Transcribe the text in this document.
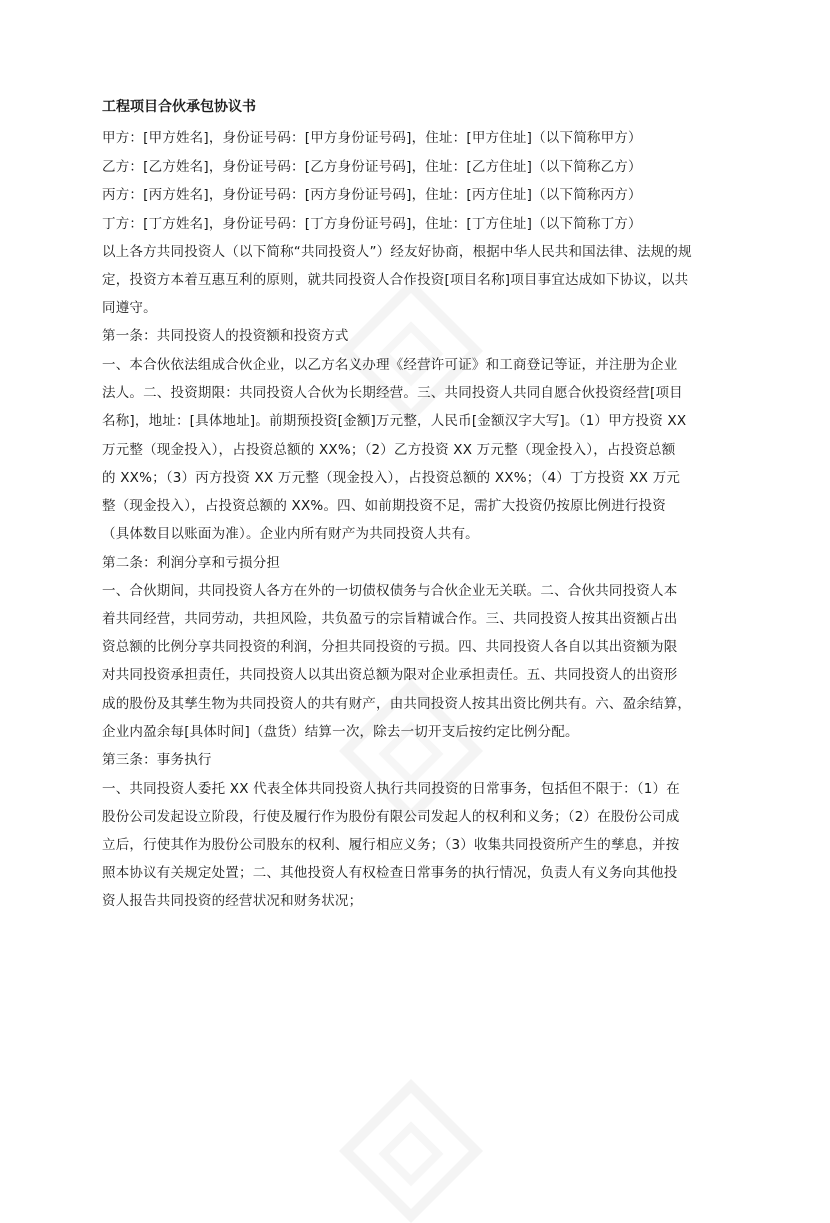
工程项目合伙承包协议书
甲方：[甲方姓名]，身份证号码：[甲方身份证号码]，住址：[甲方住址]（以下简称甲方）
乙方：[乙方姓名]，身份证号码：[乙方身份证号码]，住址：[乙方住址]（以下简称乙方）
丙方：[丙方姓名]，身份证号码：[丙方身份证号码]，住址：[丙方住址]（以下简称丙方）
丁方：[丁方姓名]，身份证号码：[丁方身份证号码]，住址：[丁方住址]（以下简称丁方）
以上各方共同投资人（以下简称“共同投资人”）经友好协商，根据中华人民共和国法律、法规的规
定，投资方本着互惠互利的原则，就共同投资人合作投资[项目名称]项目事宜达成如下协议，以共
同遵守。
第一条：共同投资人的投资额和投资方式
一、本合伙依法组成合伙企业，以乙方名义办理《经营许可证》和工商登记等证，并注册为企业
法人。二、投资期限：共同投资人合伙为长期经营。三、共同投资人共同自愿合伙投资经营[项目
名称]，地址：[具体地址]。前期预投资[金额]万元整，人民币[金额汉字大写]。（1）甲方投资 XX
万元整（现金投入），占投资总额的 XX%；（2）乙方投资 XX 万元整（现金投入），占投资总额
的 XX%；（3）丙方投资 XX 万元整（现金投入），占投资总额的 XX%；（4）丁方投资 XX 万元
整（现金投入），占投资总额的 XX%。四、如前期投资不足，需扩大投资仍按原比例进行投资
（具体数目以账面为准）。企业内所有财产为共同投资人共有。
第二条：利润分享和亏损分担
一、合伙期间，共同投资人各方在外的一切债权债务与合伙企业无关联。二、合伙共同投资人本
着共同经营，共同劳动，共担风险，共负盈亏的宗旨精诚合作。三、共同投资人按其出资额占出
资总额的比例分享共同投资的利润，分担共同投资的亏损。四、共同投资人各自以其出资额为限
对共同投资承担责任，共同投资人以其出资总额为限对企业承担责任。五、共同投资人的出资形
成的股份及其孳生物为共同投资人的共有财产，由共同投资人按其出资比例共有。六、盈余结算，
企业内盈余每[具体时间]（盘货）结算一次，除去一切开支后按约定比例分配。
第三条：事务执行
一、共同投资人委托 XX 代表全体共同投资人执行共同投资的日常事务，包括但不限于：（1）在
股份公司发起设立阶段，行使及履行作为股份有限公司发起人的权利和义务；（2）在股份公司成
立后，行使其作为股份公司股东的权利、履行相应义务；（3）收集共同投资所产生的孳息，并按
照本协议有关规定处置；二、其他投资人有权检查日常事务的执行情况，负责人有义务向其他投
资人报告共同投资的经营状况和财务状况；
